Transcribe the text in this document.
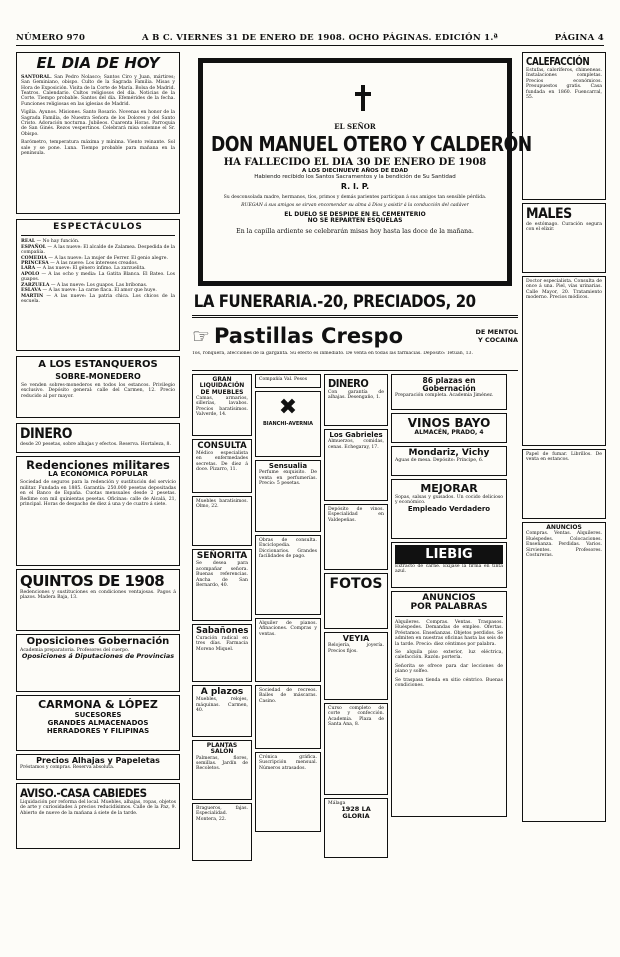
NÚMERO 970	A B C. VIERNES 31 DE ENERO DE 1908. OCHO PÁGINAS. EDICIÓN 1.ª	PÁGINA 4
EL DIA DE HOY
SANTORAL. San Pedro Nolasco; Santos Ciro y Juan, mártires; San Geminiano, obispo. Culto de la Sagrada Familia. Misas y Hora de Exposición. Visita de la Corte de María. Bolsa de Madrid. Teatros. Calendario. Cultos religiosos del día. Noticias de la Corte. Tiempo probable. Santos del día. Efemérides de la fecha. Funciones religiosas en las iglesias de Madrid.
Vigilia. Ayunos. Misiones. Santo Rosario. Novenas en honor de la Sagrada Familia, de Nuestra Señora de los Dolores y del Santo Cristo. Adoración nocturna. Jubileos. Cuarenta Horas. Parroquia de San Ginés. Rezos vespertinos. Celebrará misa solemne el Sr. Obispo.
Barómetro, temperatura máxima y mínima. Viento reinante. Sol sale y se pone. Luna. Tiempo probable para mañana en la península.
ESPECTÁCULOS
REAL — No hay función.
ESPAÑOL — A las nueve: El alcalde de Zalamea. Despedida de la compañía.
COMEDIA — A las nueve: La mujer de Ferrer. El genio alegre.
PRINCESA — A las nueve: Los intereses creados.
LARA — A las nueve: El género ínfimo. La zarzuelita.
APOLO — A las ocho y media: La Gatita Blanca. El Bateo. Los guapos.
ZARZUELA — A las nueve: Los guapos. Las bribonas.
ESLAVA — A las nueve: La carne flaca. El amor que huye.
MARTIN — A las nueve: La patria chica. Los chicos de la escuela.
A LOS ESTANQUEROS
SOBRE-MONEDERO
Se venden sobres-monederos en todos los estancos. Privilegio exclusivo. Depósito general: calle del Carmen, 12. Precio reducido al por mayor.
DINERO
desde 20 pesetas, sobre alhajas y efectos. Reserva. Hortaleza, 8.
Redenciones militares
LA ECONÓMICA POPULAR
Sociedad de seguros para la redención y sustitución del servicio militar. Fundada en 1885. Garantía: 250.000 pesetas depositadas en el Banco de España. Cuotas mensuales desde 2 pesetas. Redime con mil quinientas pesetas. Oficinas: calle de Alcalá, 21, principal. Horas de despacho de diez á una y de cuatro á siete.
QUINTOS DE 1908
Redenciones y sustituciones en condiciones ventajosas. Pagos á plazos. Madera Baja, 13.
Oposiciones Gobernación
Academia preparatoria. Profesores del cuerpo.
Oposiciones á Diputaciones de Provincias
CARMONA & LÓPEZ
SUCESORES
GRANDES ALMACENADOS
HERRADORES Y FILIPINAS
Precios Alhajas y Papeletas
Préstamos y compras. Reserva absoluta.
AVISO.-CASA CABIEDES
Liquidación por reforma del local. Muebles, alhajas, ropas, objetos de arte y curiosidades á precios reducidísimos. Calle de la Paz, 9. Abierto de nueve de la mañana á siete de la tarde.
EL SEÑOR
DON MANUEL OTERO Y CALDERÓN
HA FALLECIDO EL DIA 30 DE ENERO DE 1908
A LOS DIECINUEVE AÑOS DE EDAD
Habiendo recibido los Santos Sacramentos y la bendición de Su Santidad
R. I. P.
Su desconsolada madre, hermanos, tíos, primos y demás parientes participan á sus amigos tan sensible pérdida.
RUEGAN á sus amigos se sirvan encomendar su alma á Dios y asistir á la conducción del cadáver
EL DUELO SE DESPIDE EN EL CEMENTERIO
NO SE REPARTEN ESQUELAS
En la capilla ardiente se celebrarán misas hoy hasta las doce de la mañana.
LA FUNERARIA.-20, PRECIADOS, 20
☞ Pastillas Crespo	DE MENTOL
Y COCAINA
Tos, ronquera, afecciones de la garganta. Su efecto es inmediato. De venta en todas las farmacias. Depósito: Tetuán, 13.
GRAN LIQUIDACIÓN DE MUEBLES
Camas, armarios, sillerías, lavabos. Precios baratísimos. Valverde, 14.
CONSULTA
Médico especialista en enfermedades secretas. De diez á doce. Pizarro, 11.
Muebles baratísimos. Olmo, 22.
SEÑORITA
Se desea para acompañar señora. Buenas referencias. Ancha de San Bernardo, 40.
Sabañones
Curación radical en tres días. Farmacia Moreno Miquel.
A plazos
Muebles, relojes, máquinas. Carmen, 40.
PLANTAS SALÓN
Palmeras, flores, semillas. Jardín de Recoletos.
Bragueros, fajas. Especialidad. Montera, 22.
Compañía Val. Pesos
✖
BIANCHI-AVERNIA
Sensualia
Perfume exquisito. De venta en perfumerías. Precio: 5 pesetas.
Obras de consulta. Enciclopedia. Diccionarios. Grandes facilidades de pago.
Alquiler de pianos. Afinaciones. Compras y ventas.
Sociedad de recreos. Bailes de máscaras. Casino.
Crónica gráfica. Suscripción mensual. Números atrasados.
DINERO
Con garantía de alhajas. Desengaño, 1.
Los Gabrieles
Almuerzos, comidas, cenas. Echegaray, 17.
Depósito de vinos. Especialidad en Valdepeñas.
FOTOS
VEYIA
Relojería, joyería. Precios fijos.
Curso completo de corte y confección. Academia. Plaza de Santa Ana, 8.
Málaga
1928 LA GLORIA
86 plazas en Gobernación
Preparación completa. Academia Jiménez.
VINOS BAYO
ALMACÉN, PRADO, 4
Mondariz, Vichy
Aguas de mesa. Depósito: Príncipe, 6.
MEJORAR
Sopas, salsas y guisados. Un cocido delicioso y económico.
Empleado Verdadero
LIEBIG
Extracto de carne. Exíjase la firma en tinta azul.
ANUNCIOS
POR PALABRAS
Alquileres. Compras. Ventas. Traspasos. Huéspedes. Demandas de empleo. Ofertas. Préstamos. Enseñanzas. Objetos perdidos. Se admiten en nuestras oficinas hasta las seis de la tarde. Precio: diez céntimos por palabra.
Se alquila piso exterior, luz eléctrica, calefacción. Razón: portería.
Señorita se ofrece para dar lecciones de piano y solfeo.
Se traspasa tienda en sitio céntrico. Buenas condiciones.
CALEFACCIÓN
Estufas, caloríferos, chimeneas. Instalaciones completas. Precios económicos. Presupuestos gratis. Casa fundada en 1860. Fuencarral, 55.
MALES
de estómago. Curación segura con el elixir.
Doctor especialista. Consulta de once á una. Piel, vías urinarias. Calle Mayor, 20. Tratamiento moderno. Precios módicos.
Papel de fumar. Librillos. De venta en estancos.
ANUNCIOS
Compras. Ventas. Alquileres. Huéspedes. Colocaciones. Enseñanza. Perdidas. Varios. Sirvientes. Profesores. Costureras.
